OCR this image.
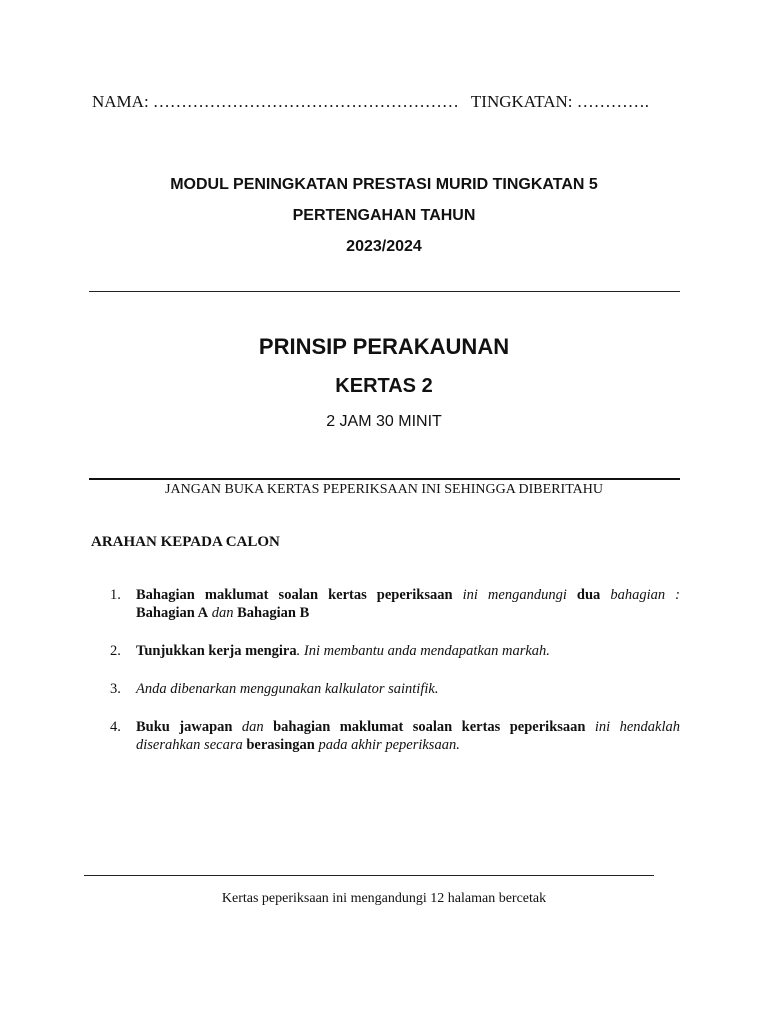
NAMA: ……………………………………………… TINGKATAN: ………….
MODUL PENINGKATAN PRESTASI MURID TINGKATAN 5
PERTENGAHAN TAHUN
2023/2024
PRINSIP PERAKAUNAN
KERTAS 2
2 JAM 30 MINIT
JANGAN BUKA KERTAS PEPERIKSAAN INI SEHINGGA DIBERITAHU
ARAHAN KEPADA CALON
1.	Bahagian maklumat soalan kertas peperiksaan ini mengandungi dua bahagian : Bahagian A dan Bahagian B
2.	Tunjukkan kerja mengira. Ini membantu anda mendapatkan markah.
3.	Anda dibenarkan menggunakan kalkulator saintifik.
4.	Buku jawapan dan bahagian maklumat soalan kertas peperiksaan ini hendaklah diserahkan secara berasingan pada akhir peperiksaan.
Kertas peperiksaan ini mengandungi 12 halaman bercetak
